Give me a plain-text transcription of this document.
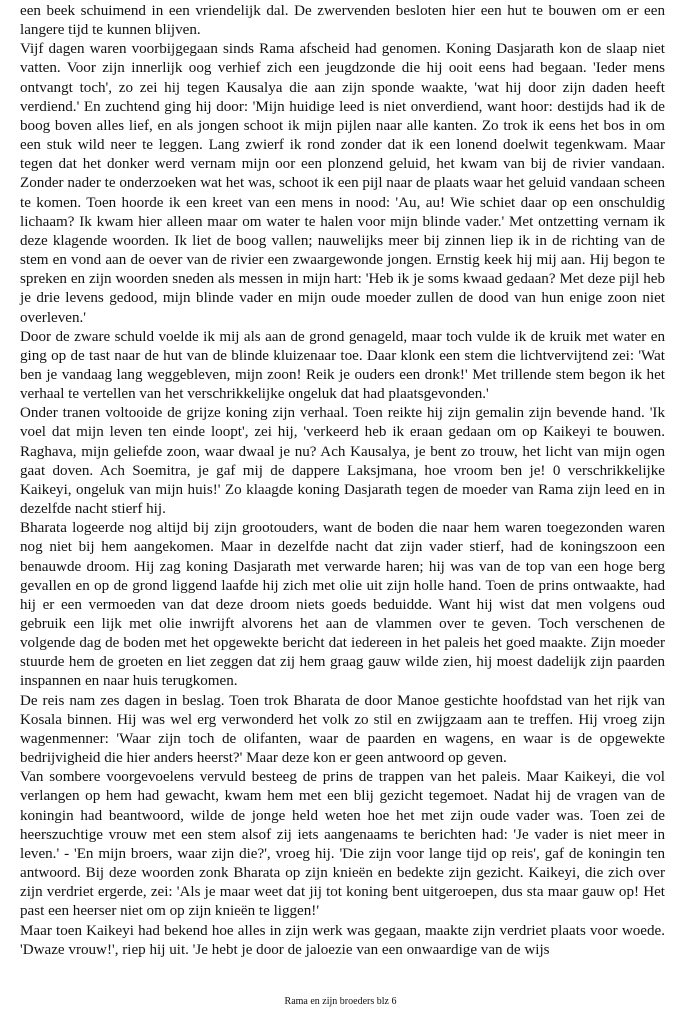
een beek schuimend in een vriendelijk dal. De zwervenden besloten hier een hut te bouwen om er een langere tijd te kunnen blijven.

Vijf dagen waren voorbijgegaan sinds Rama afscheid had genomen. Koning Dasjarath kon de slaap niet vatten. Voor zijn innerlijk oog verhief zich een jeugdzonde die hij ooit eens had begaan. 'Ieder mens ontvangt toch', zo zei hij tegen Kausalya die aan zijn sponde waakte, 'wat hij door zijn daden heeft verdiend.' En zuchtend ging hij door: 'Mijn huidige leed is niet onverdiend, want hoor: destijds had ik de boog boven alles lief, en als jongen schoot ik mijn pijlen naar alle kanten. Zo trok ik eens het bos in om een stuk wild neer te leggen. Lang zwierf ik rond zonder dat ik een lonend doelwit tegenkwam. Maar tegen dat het donker werd vernam mijn oor een plonzend geluid, het kwam van bij de rivier vandaan. Zonder nader te onderzoeken wat het was, schoot ik een pijl naar de plaats waar het geluid vandaan scheen te komen. Toen hoorde ik een kreet van een mens in nood: 'Au, au! Wie schiet daar op een onschuldig lichaam? Ik kwam hier alleen maar om water te halen voor mijn blinde vader.' Met ontzetting vernam ik deze klagende woorden. Ik liet de boog vallen; nauwelijks meer bij zinnen liep ik in de richting van de stem en vond aan de oever van de rivier een zwaargewonde jongen. Ernstig keek hij mij aan. Hij begon te spreken en zijn woorden sneden als messen in mijn hart: 'Heb ik je soms kwaad gedaan? Met deze pijl heb je drie levens gedood, mijn blinde vader en mijn oude moeder zullen de dood van hun enige zoon niet overleven.'

Door de zware schuld voelde ik mij als aan de grond genageld, maar toch vulde ik de kruik met water en ging op de tast naar de hut van de blinde kluizenaar toe. Daar klonk een stem die lichtvervijtend zei: 'Wat ben je vandaag lang weggebleven, mijn zoon! Reik je ouders een dronk!' Met trillende stem begon ik het verhaal te vertellen van het verschrikkelijke ongeluk dat had plaatsgevonden.'

Onder tranen voltooide de grijze koning zijn verhaal. Toen reikte hij zijn gemalin zijn bevende hand. 'Ik voel dat mijn leven ten einde loopt', zei hij, 'verkeerd heb ik eraan gedaan om op Kaikeyi te bouwen. Raghava, mijn geliefde zoon, waar dwaal je nu? Ach Kausalya, je bent zo trouw, het licht van mijn ogen gaat doven. Ach Soemitra, je gaf mij de dappere Laksjmana, hoe vroom ben je! 0 verschrikkelijke Kaikeyi, ongeluk van mijn huis!' Zo klaagde koning Dasjarath tegen de moeder van Rama zijn leed en in dezelfde nacht stierf hij.

Bharata logeerde nog altijd bij zijn grootouders, want de boden die naar hem waren toegezonden waren nog niet bij hem aangekomen. Maar in dezelfde nacht dat zijn vader stierf, had de koningszoon een benauwde droom. Hij zag koning Dasjarath met verwarde haren; hij was van de top van een hoge berg gevallen en op de grond liggend laafde hij zich met olie uit zijn holle hand. Toen de prins ontwaakte, had hij er een vermoeden van dat deze droom niets goeds beduidde. Want hij wist dat men volgens oud gebruik een lijk met olie inwrijft alvorens het aan de vlammen over te geven. Toch verschenen de volgende dag de boden met het opgewekte bericht dat iedereen in het paleis het goed maakte. Zijn moeder stuurde hem de groeten en liet zeggen dat zij hem graag gauw wilde zien, hij moest dadelijk zijn paarden inspannen en naar huis terugkomen.

De reis nam zes dagen in beslag. Toen trok Bharata de door Manoe gestichte hoofdstad van het rijk van Kosala binnen. Hij was wel erg verwonderd het volk zo stil en zwijgzaam aan te treffen. Hij vroeg zijn wagenmenner: 'Waar zijn toch de olifanten, waar de paarden en wagens, en waar is de opgewekte bedrijvigheid die hier anders heerst?' Maar deze kon er geen antwoord op geven.

Van sombere voorgevoelens vervuld besteeg de prins de trappen van het paleis. Maar Kaikeyi, die vol verlangen op hem had gewacht, kwam hem met een blij gezicht tegemoet. Nadat hij de vragen van de koningin had beantwoord, wilde de jonge held weten hoe het met zijn oude vader was. Toen zei de heerszuchtige vrouw met een stem alsof zij iets aangenaams te berichten had: 'Je vader is niet meer in leven.' - 'En mijn broers, waar zijn die?', vroeg hij. 'Die zijn voor lange tijd op reis', gaf de koningin ten antwoord. Bij deze woorden zonk Bharata op zijn knieën en bedekte zijn gezicht. Kaikeyi, die zich over zijn verdriet ergerde, zei: 'Als je maar weet dat jij tot koning bent uitgeroepen, dus sta maar gauw op! Het past een heerser niet om op zijn knieën te liggen!'

Maar toen Kaikeyi had bekend hoe alles in zijn werk was gegaan, maakte zijn verdriet plaats voor woede. 'Dwaze vrouw!', riep hij uit. 'Je hebt je door de jaloezie van een onwaardige van de wijs

Rama en zijn broeders blz 6
